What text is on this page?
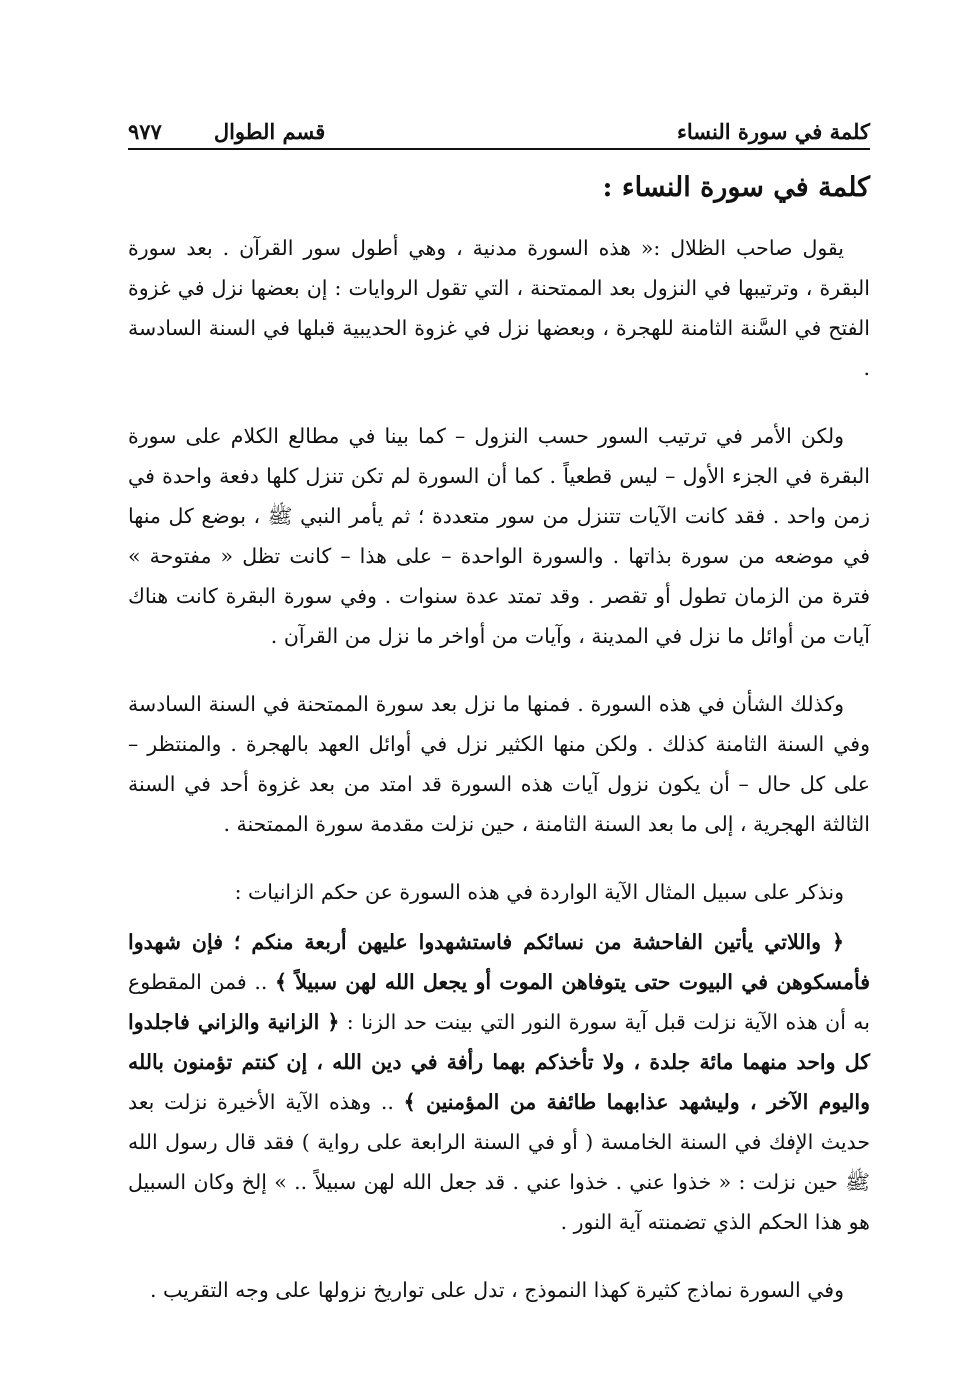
كلمة في سورة النساء
قسم الطوال
٩٧٧
كلمة في سورة النساء :

يقول صاحب الظلال :« هذه السورة مدنية ، وهي أطول سور القرآن . بعد سورة البقرة ، وترتيبها في النزول بعد الممتحنة ، التي تقول الروايات : إن بعضها نزل في غزوة الفتح في السَّنة الثامنة للهجرة ، وبعضها نزل في غزوة الحديبية قبلها في السنة السادسة .

ولكن الأمر في ترتيب السور حسب النزول – كما بينا في مطالع الكلام على سورة البقرة في الجزء الأول – ليس قطعياً . كما أن السورة لم تكن تنزل كلها دفعة واحدة في زمن واحد . فقد كانت الآيات تتنزل من سور متعددة ؛ ثم يأمر النبي ﷺ ، بوضع كل منها في موضعه من سورة بذاتها . والسورة الواحدة – على هذا – كانت تظل « مفتوحة » فترة من الزمان تطول أو تقصر . وقد تمتد عدة سنوات . وفي سورة البقرة كانت هناك آيات من أوائل ما نزل في المدينة ، وآيات من أواخر ما نزل من القرآن .

وكذلك الشأن في هذه السورة . فمنها ما نزل بعد سورة الممتحنة في السنة السادسة وفي السنة الثامنة كذلك . ولكن منها الكثير نزل في أوائل العهد بالهجرة . والمنتظر – على كل حال – أن يكون نزول آيات هذه السورة قد امتد من بعد غزوة أحد في السنة الثالثة الهجرية ، إلى ما بعد السنة الثامنة ، حين نزلت مقدمة سورة الممتحنة .

ونذكر على سبيل المثال الآية الواردة في هذه السورة عن حكم الزانيات :

﴿ واللاتي يأتين الفاحشة من نسائكم فاستشهدوا عليهن أربعة منكم ؛ فإن شهدوا فأمسكوهن في البيوت حتى يتوفاهن الموت أو يجعل الله لهن سبيلاً ﴾ .. فمن المقطوع به أن هذه الآية نزلت قبل آية سورة النور التي بينت حد الزنا : ﴿ الزانية والزاني فاجلدوا كل واحد منهما مائة جلدة ، ولا تأخذكم بهما رأفة في دين الله ، إن كنتم تؤمنون بالله واليوم الآخر ، وليشهد عذابهما طائفة من المؤمنين ﴾ .. وهذه الآية الأخيرة نزلت بعد حديث الإفك في السنة الخامسة ( أو في السنة الرابعة على رواية ) فقد قال رسول الله ﷺ حين نزلت : « خذوا عني . خذوا عني . قد جعل الله لهن سبيلاً .. » إلخ وكان السبيل هو هذا الحكم الذي تضمنته آية النور .

وفي السورة نماذج كثيرة كهذا النموذج ، تدل على تواريخ نزولها على وجه التقريب .
